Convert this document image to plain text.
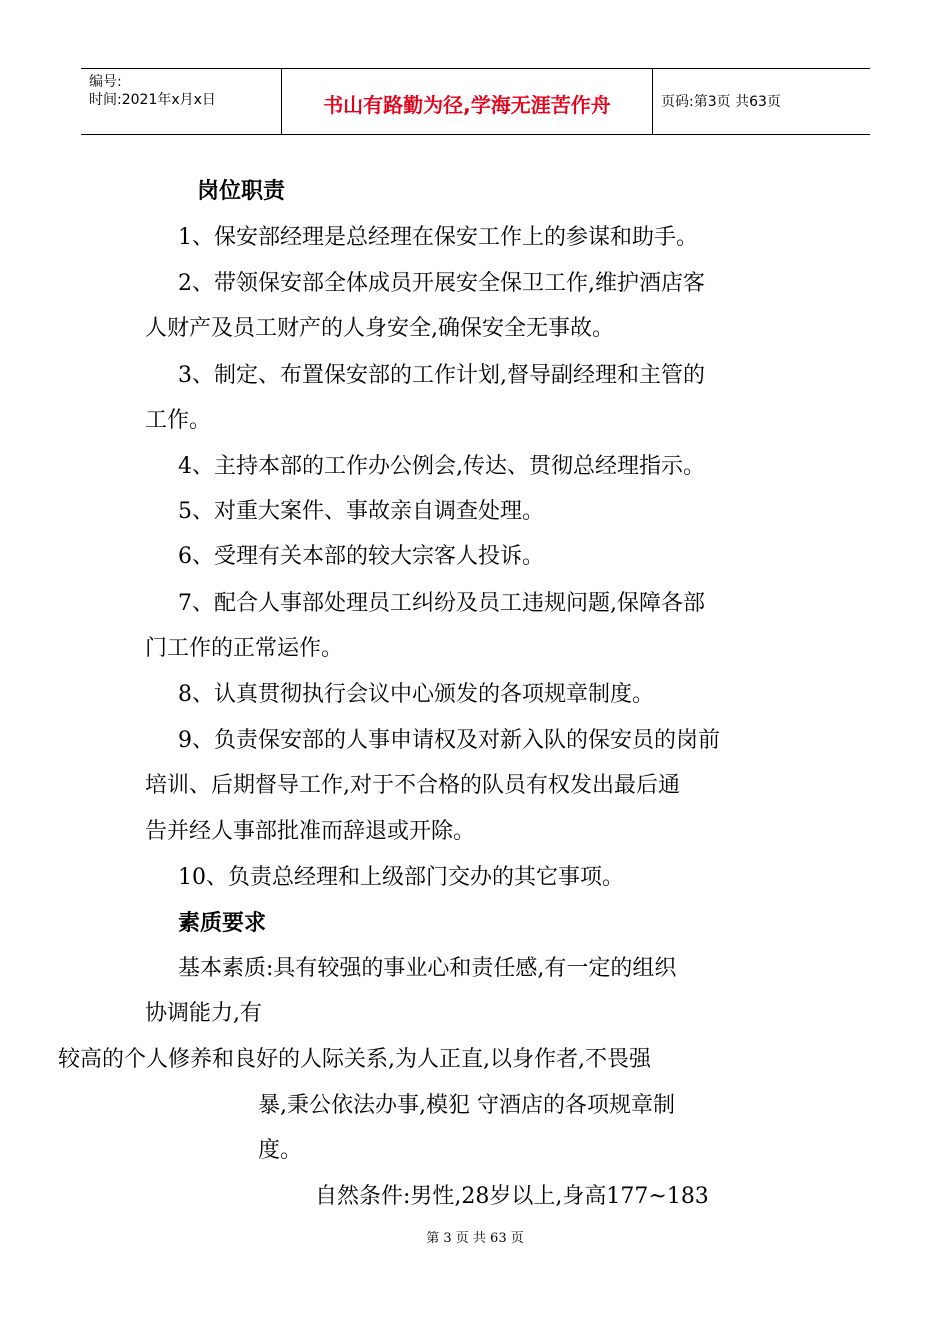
编号:
时间:2021年x月x日	书山有路勤为径,学海无涯苦作舟	页码:第3页 共63页
岗位职责
1、保安部经理是总经理在保安工作上的参谋和助手。
2、带领保安部全体成员开展安全保卫工作,维护酒店客
人财产及员工财产的人身安全,确保安全无事故。
3、制定、布置保安部的工作计划,督导副经理和主管的
工作。
4、主持本部的工作办公例会,传达、贯彻总经理指示。
5、对重大案件、事故亲自调查处理。
6、受理有关本部的较大宗客人投诉。
7、配合人事部处理员工纠纷及员工违规问题,保障各部
门工作的正常运作。
8、认真贯彻执行会议中心颁发的各项规章制度。
9、负责保安部的人事申请权及对新入队的保安员的岗前
培训、后期督导工作,对于不合格的队员有权发出最后通
告并经人事部批准而辞退或开除。
10、负责总经理和上级部门交办的其它事项。
素质要求
基本素质:具有较强的事业心和责任感,有一定的组织
协调能力,有
较高的个人修养和良好的人际关系,为人正直,以身作者,不畏强
暴,秉公依法办事,模犯 守酒店的各项规章制
度。
自然条件:男性,28岁以上,身高177~183
第 3 页 共 63 页
